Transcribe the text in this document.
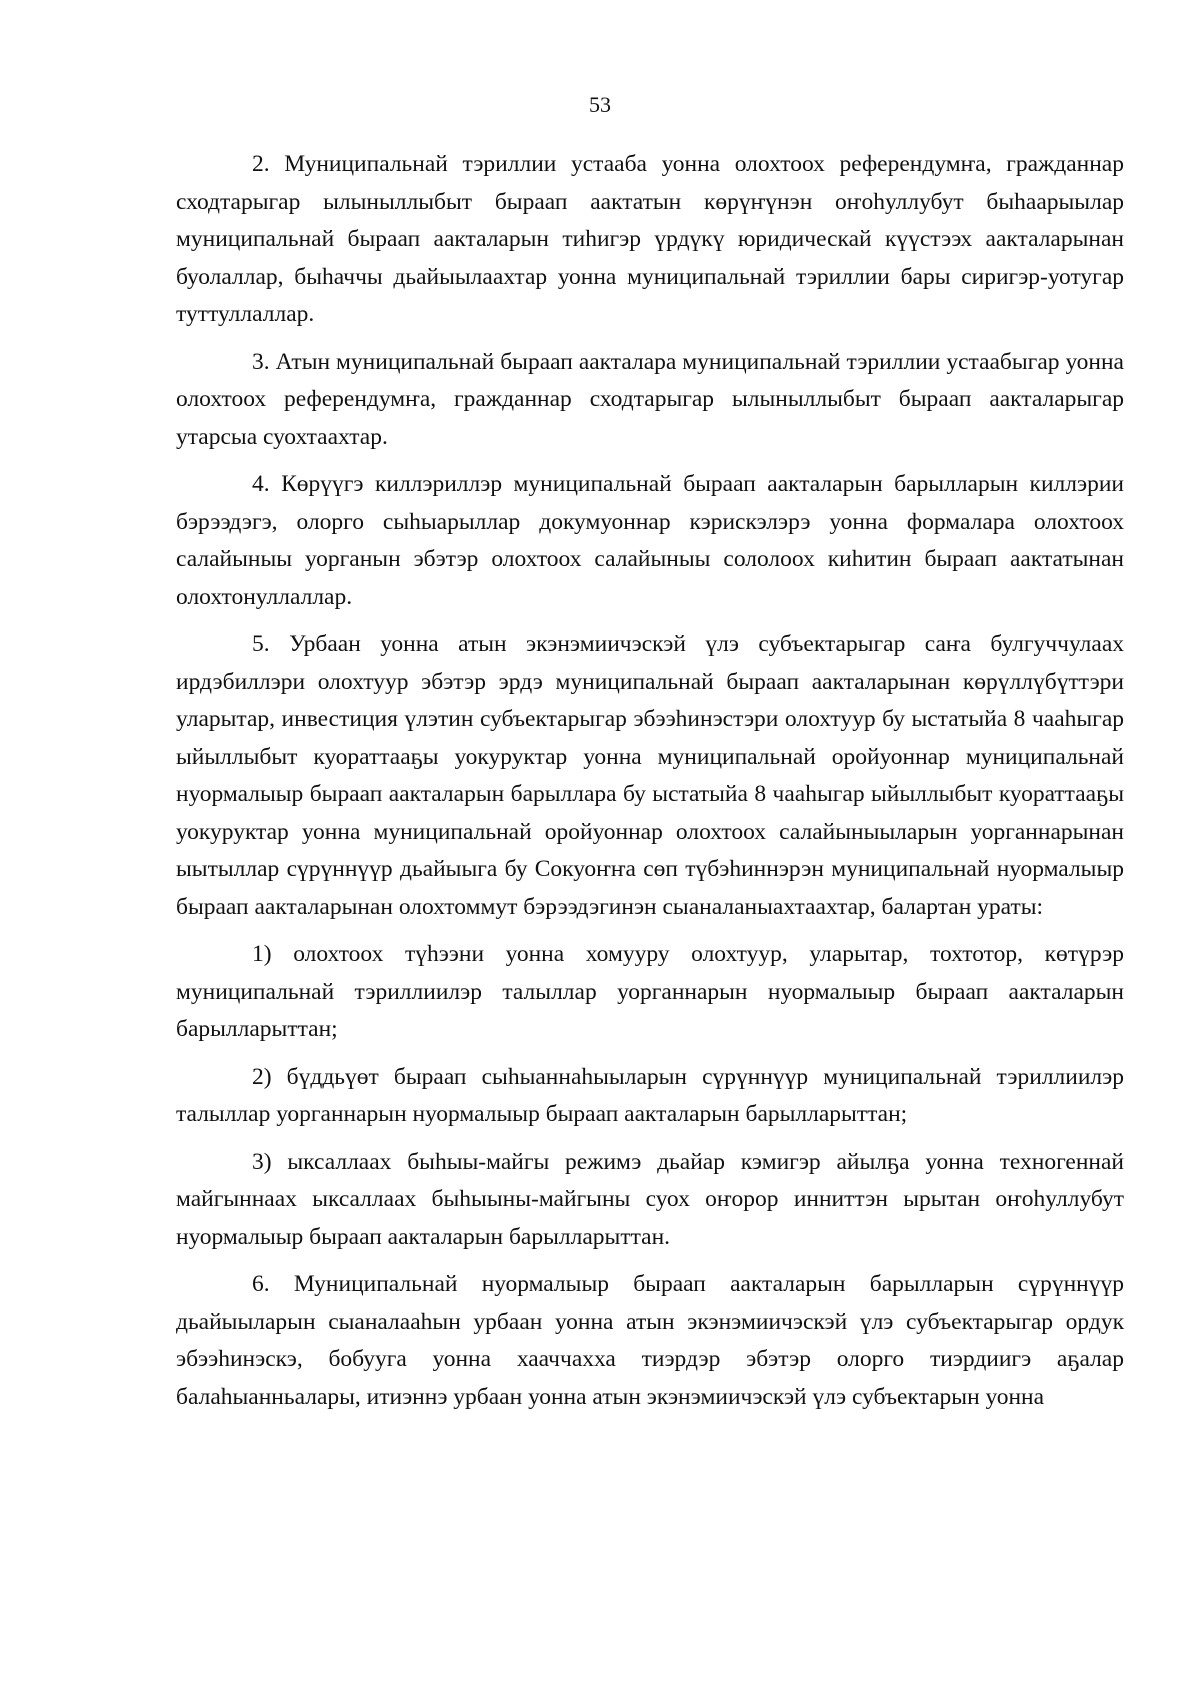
53

2. Муниципальнай тэриллии устааба уонна олохтоох референдумҥа, гражданнар сходтарыгар ылыныллыбыт быраап аактатын көрүҥүнэн оҥоһуллубут быһаарыылар муниципальнай быраап аакталарын тиһигэр үрдүкү юридическай күүстээх аакталарынан буолаллар, быһаччы дьайыылаахтар уонна муниципальнай тэриллии бары сиригэр-уотугар туттуллаллар.

3. Атын муниципальнай быраап аакталара муниципальнай тэриллии устаабыгар уонна олохтоох референдумҥа, гражданнар сходтарыгар ылыныллыбыт быраап аакталарыгар утарсыа суохтаахтар.

4. Көрүүгэ киллэриллэр муниципальнай быраап аакталарын барылларын киллэрии бэрээдэгэ, олорго сыһыарыллар докумуоннар кэрискэлэрэ уонна формалара олохтоох салайыныы уорганын эбэтэр олохтоох салайыныы сололоох киһитин быраап аактатынан олохтонуллаллар.

5. Урбаан уонна атын экэнэмиичэскэй үлэ субъектарыгар саҥа булгуччулаах ирдэбиллэри олохтуур эбэтэр эрдэ муниципальнай быраап аакталарынан көрүллүбүттэри уларытар, инвестиция үлэтин субъектарыгар эбээһинэстэри олохтуур бу ыстатыйа 8 чааһыгар ыйыллыбыт куораттааҕы уокуруктар уонна муниципальнай оройуоннар муниципальнай нуормалыыр быраап аакталарын барыллара бу ыстатыйа 8 чааһыгар ыйыллыбыт куораттааҕы уокуруктар уонна муниципальнай оройуоннар олохтоох салайыныыларын уорганнарынан ыытыллар сүрүннүүр дьайыыга бу Сокуоҥҥа сөп түбэһиннэрэн муниципальнай нуормалыыр быраап аакталарынан олохтоммут бэрээдэгинэн сыаналаныахтаахтар, балартан ураты:

1) олохтоох түһээни уонна хомууру олохтуур, уларытар, тохтотор, көтүрэр муниципальнай тэриллиилэр талыллар уорганнарын нуормалыыр быраап аакталарын барылларыттан;

2) бүддьүөт быраап сыһыаннаһыыларын сүрүннүүр муниципальнай тэриллиилэр талыллар уорганнарын нуормалыыр быраап аакталарын барылларыттан;

3) ыксаллаах быһыы-майгы режимэ дьайар кэмигэр айылҕа уонна техногеннай майгыннаах ыксаллаах быһыыны-майгыны суох оҥорор инниттэн ырытан оҥоһуллубут нуормалыыр быраап аакталарын барылларыттан.

6. Муниципальнай нуормалыыр быраап аакталарын барылларын сүрүннүүр дьайыыларын сыаналааһын урбаан уонна атын экэнэмиичэскэй үлэ субъектарыгар ордук эбээһинэскэ, бобууга уонна хааччахха тиэрдэр эбэтэр олорго тиэрдиигэ аҕалар балаһыанньалары, итиэннэ урбаан уонна атын экэнэмиичэскэй үлэ субъектарын уонна
